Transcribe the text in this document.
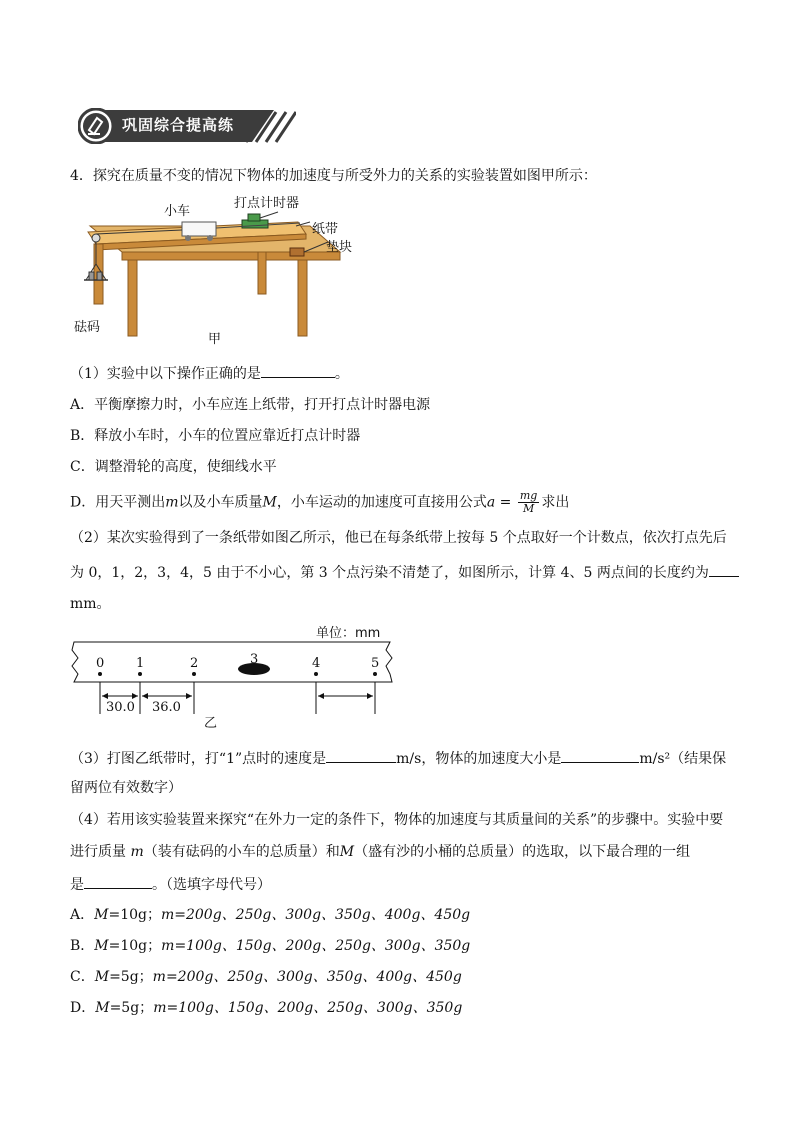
巩固综合提高练
4．探究在质量不变的情况下物体的加速度与所受外力的关系的实验装置如图甲所示：
小车
打点计时器
纸带
垫块
砝码
甲
（1）实验中以下操作正确的是	。
A．平衡摩擦力时，小车应连上纸带，打开打点计时器电源
B．释放小车时，小车的位置应靠近打点计时器
C．调整滑轮的高度，使细线水平
D．用天平测出m以及小车质量M，小车运动的加速度可直接用公式$a = \frac{mg}{M}$ 求出
（2）某次实验得到了一条纸带如图乙所示，他已在每条纸带上按每 5 个点取好一个计数点，依次打点先后
为 0，1，2，3，4，5 由于不小心，第 3 个点污染不清楚了，如图所示，计算 4、5 两点间的长度约为
mm。
单位：mm
0 1	2	3	4	5
30.0 36.0
乙
（3）打图乙纸带时，打“1”点时的速度是	m/s，物体的加速度大小是	m/s²（结果保
留两位有效数字）
（4）若用该实验装置来探究“在外力一定的条件下，物体的加速度与其质量间的关系”的步骤中。实验中要
进行质量 m（装有砝码的小车的总质量）和M（盛有沙的小桶的总质量）的选取，以下最合理的一组
是	。（选填字母代号）
A．M=10g；m=200g、250g、300g、350g、400g、450g
B．M=10g；m=100g、150g、200g、250g、300g、350g
C．M=5g；m=200g、250g、300g、350g、400g、450g
D．M=5g；m=100g、150g、200g、250g、300g、350g
